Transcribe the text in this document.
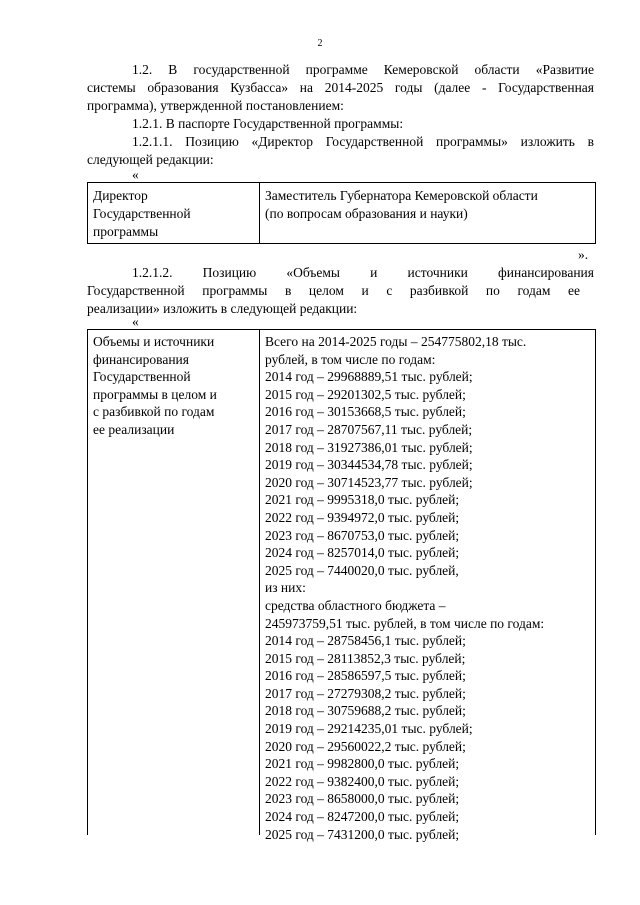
2

1.2. В государственной программе Кемеровской области «Развитие

системы образования Кузбасса» на 2014-2025 годы (далее - Государственная

программа), утвержденной постановлением:

1.2.1. В паспорте Государственной программы:

1.2.1.1. Позицию «Директор Государственной программы» изложить в

следующей редакции:

«

Директор
Государственной
программы
Заместитель Губернатора Кемеровской области
(по вопросам образования и науки)

».

1.2.1.2. Позицию «Объемы и источники финансирования

Государственной программы в целом и с разбивкой по годам ее

реализации» изложить в следующей редакции:

«

Объемы и источники
финансирования
Государственной
программы в целом и
с разбивкой по годам
ее реализации
Всего на 2014-2025 годы – 254775802,18 тыс.
рублей, в том числе по годам:
2014 год – 29968889,51 тыс. рублей;
2015 год – 29201302,5 тыс. рублей;
2016 год – 30153668,5 тыс. рублей;
2017 год – 28707567,11 тыс. рублей;
2018 год – 31927386,01 тыс. рублей;
2019 год – 30344534,78 тыс. рублей;
2020 год – 30714523,77 тыс. рублей;
2021 год – 9995318,0 тыс. рублей;
2022 год – 9394972,0 тыс. рублей;
2023 год – 8670753,0 тыс. рублей;
2024 год – 8257014,0 тыс. рублей;
2025 год – 7440020,0 тыс. рублей,
из них:
средства областного бюджета –
245973759,51 тыс. рублей, в том числе по годам:
2014 год – 28758456,1 тыс. рублей;
2015 год – 28113852,3 тыс. рублей;
2016 год – 28586597,5 тыс. рублей;
2017 год – 27279308,2 тыс. рублей;
2018 год – 30759688,2 тыс. рублей;
2019 год – 29214235,01 тыс. рублей;
2020 год – 29560022,2 тыс. рублей;
2021 год – 9982800,0 тыс. рублей;
2022 год – 9382400,0 тыс. рублей;
2023 год – 8658000,0 тыс. рублей;
2024 год – 8247200,0 тыс. рублей;
2025 год – 7431200,0 тыс. рублей;
